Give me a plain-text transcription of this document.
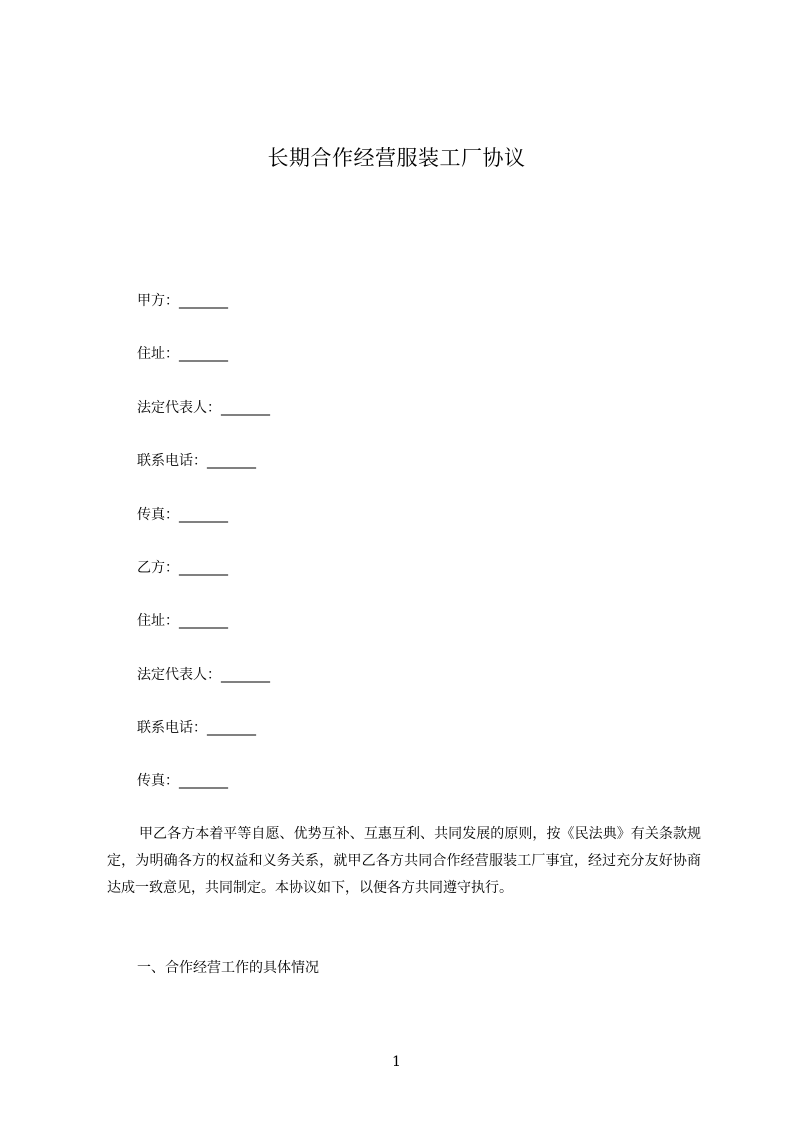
长期合作经营服装工厂协议
甲方：_______
住址：_______
法定代表人：_______
联系电话：_______
传真：_______
乙方：_______
住址：_______
法定代表人：_______
联系电话：_______
传真：_______
甲乙各方本着平等自愿、优势互补、互惠互利、共同发展的原则，按《民法典》有关条款规定，为明确各方的权益和义务关系，就甲乙各方共同合作经营服装工厂事宜，经过充分友好协商达成一致意见，共同制定。本协议如下，以便各方共同遵守执行。
一、合作经营工作的具体情况
1
